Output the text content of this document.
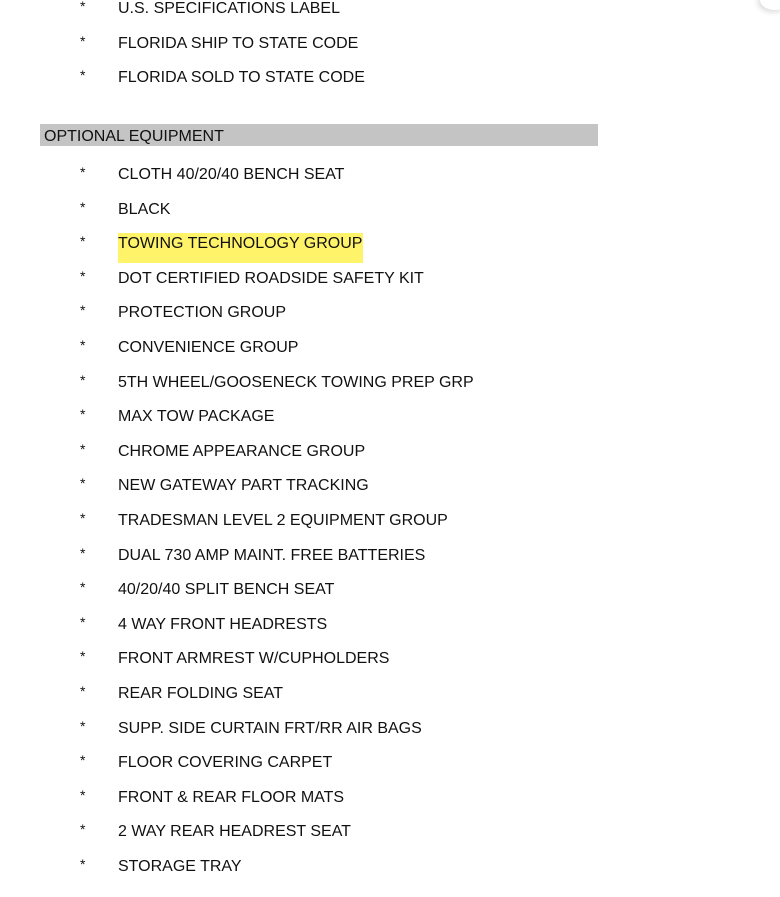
* U.S. SPECIFICATIONS LABEL
* FLORIDA SHIP TO STATE CODE
* FLORIDA SOLD TO STATE CODE
OPTIONAL EQUIPMENT
* CLOTH 40/20/40 BENCH SEAT
* BLACK
* TOWING TECHNOLOGY GROUP
* DOT CERTIFIED ROADSIDE SAFETY KIT
* PROTECTION GROUP
* CONVENIENCE GROUP
* 5TH WHEEL/GOOSENECK TOWING PREP GRP
* MAX TOW PACKAGE
* CHROME APPEARANCE GROUP
* NEW GATEWAY PART TRACKING
* TRADESMAN LEVEL 2 EQUIPMENT GROUP
* DUAL 730 AMP MAINT. FREE BATTERIES
* 40/20/40 SPLIT BENCH SEAT
* 4 WAY FRONT HEADRESTS
* FRONT ARMREST W/CUPHOLDERS
* REAR FOLDING SEAT
* SUPP. SIDE CURTAIN FRT/RR AIR BAGS
* FLOOR COVERING CARPET
* FRONT & REAR FLOOR MATS
* 2 WAY REAR HEADREST SEAT
* STORAGE TRAY
